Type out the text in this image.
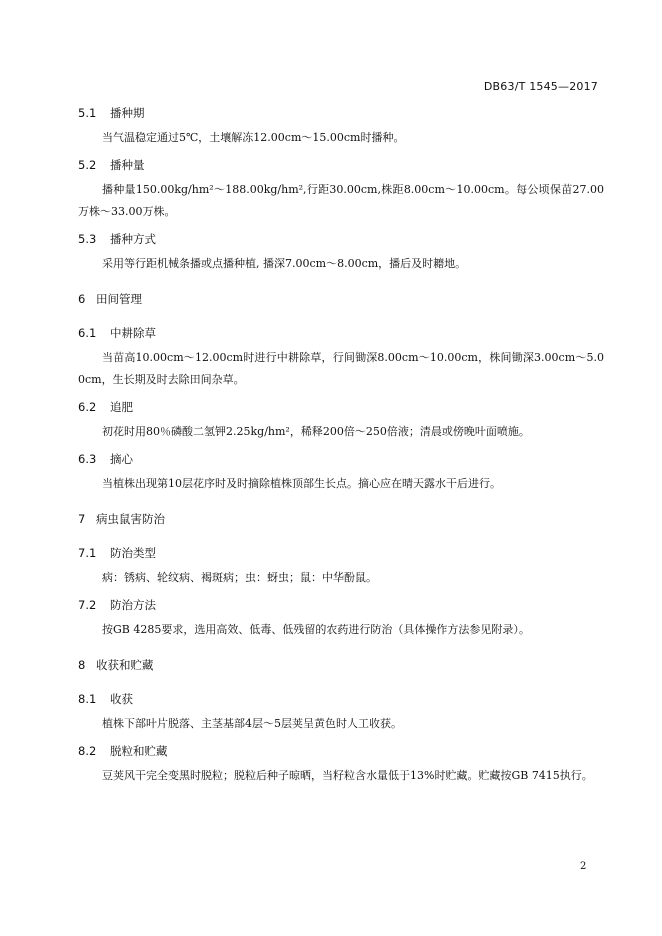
DB63/T 1545—2017
5.1	播种期
当气温稳定通过5℃，土壤解冻12.00cm～15.00cm时播种。
5.2	播种量
播种量150.00kg/hm²～188.00kg/hm²,行距30.00cm,株距8.00cm～10.00cm。每公顷保苗27.00万株～33.00万株。
5.3	播种方式
采用等行距机械条播或点播种植, 播深7.00cm～8.00cm，播后及时耱地。
6 田间管理
6.1	中耕除草
当苗高10.00cm～12.00cm时进行中耕除草，行间锄深8.00cm～10.00cm，株间锄深3.00cm～5.00cm，生长期及时去除田间杂草。
6.2	追肥
初花时用80％磷酸二氢钾2.25kg/hm²，稀释200倍～250倍液；清晨或傍晚叶面喷施。
6.3	摘心
当植株出现第10层花序时及时摘除植株顶部生长点。摘心应在晴天露水干后进行。
7 病虫鼠害防治
7.1	防治类型
病：锈病、轮纹病、褐斑病；虫：蚜虫；鼠：中华酚鼠。
7.2	防治方法
按GB 4285要求，选用高效、低毒、低残留的农药进行防治（具体操作方法参见附录）。
8 收获和贮藏
8.1	收获
植株下部叶片脱落、主茎基部4层～5层荚呈黄色时人工收获。
8.2	脱粒和贮藏
豆荚风干完全变黑时脱粒；脱粒后种子晾晒，当籽粒含水量低于13%时贮藏。贮藏按GB 7415执行。
2
